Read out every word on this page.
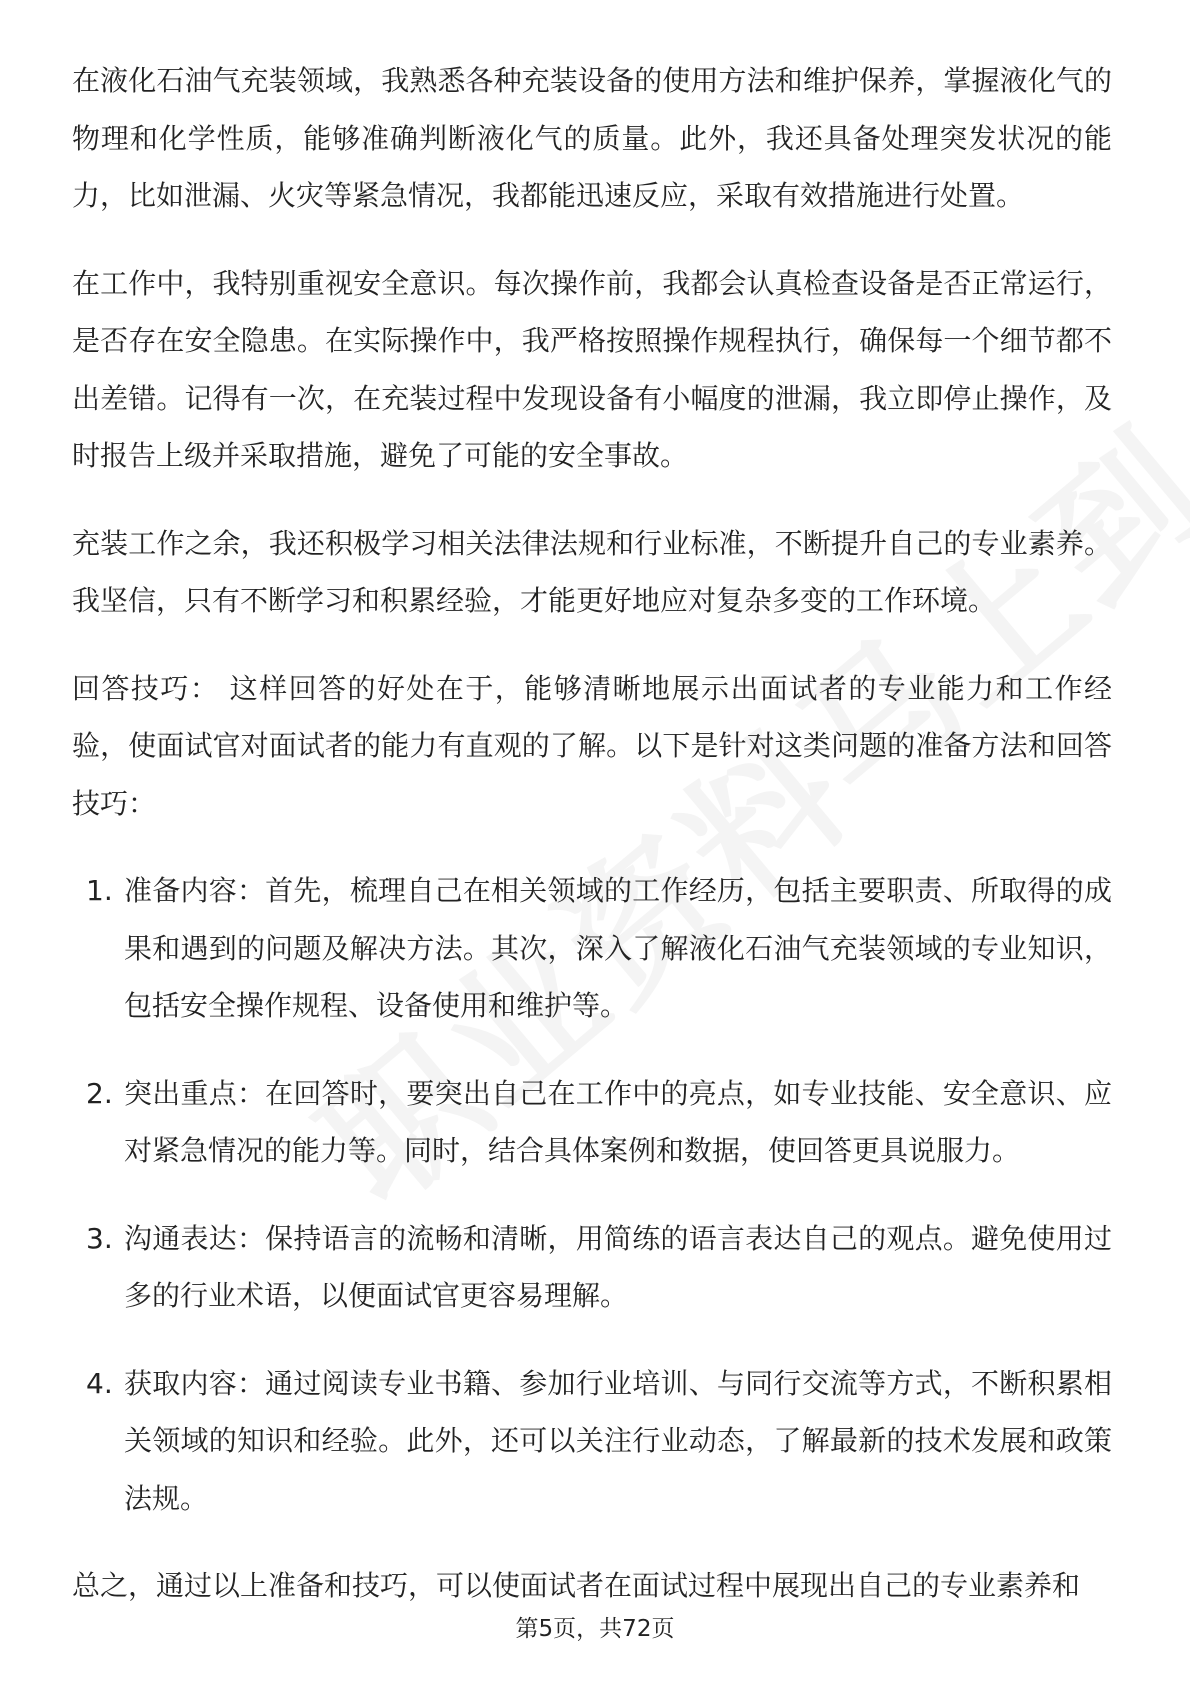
在液化石油气充装领域，我熟悉各种充装设备的使用方法和维护保养，掌握液化气的物理和化学性质，能够准确判断液化气的质量。此外，我还具备处理突发状况的能力，比如泄漏、火灾等紧急情况，我都能迅速反应，采取有效措施进行处置。

在工作中，我特别重视安全意识。每次操作前，我都会认真检查设备是否正常运行，是否存在安全隐患。在实际操作中，我严格按照操作规程执行，确保每一个细节都不出差错。记得有一次，在充装过程中发现设备有小幅度的泄漏，我立即停止操作，及时报告上级并采取措施，避免了可能的安全事故。

充装工作之余，我还积极学习相关法律法规和行业标准，不断提升自己的专业素养。我坚信，只有不断学习和积累经验，才能更好地应对复杂多变的工作环境。

回答技巧： 这样回答的好处在于，能够清晰地展示出面试者的专业能力和工作经验，使面试官对面试者的能力有直观的了解。以下是针对这类问题的准备方法和回答技巧：

1. 准备内容：首先，梳理自己在相关领域的工作经历，包括主要职责、所取得的成果和遇到的问题及解决方法。其次，深入了解液化石油气充装领域的专业知识，包括安全操作规程、设备使用和维护等。
2. 突出重点：在回答时，要突出自己在工作中的亮点，如专业技能、安全意识、应对紧急情况的能力等。同时，结合具体案例和数据，使回答更具说服力。
3. 沟通表达：保持语言的流畅和清晰，用简练的语言表达自己的观点。避免使用过多的行业术语，以便面试官更容易理解。
4. 获取内容：通过阅读专业书籍、参加行业培训、与同行交流等方式，不断积累相关领域的知识和经验。此外，还可以关注行业动态，了解最新的技术发展和政策法规。

总之，通过以上准备和技巧，可以使面试者在面试过程中展现出自己的专业素养和

第5页，共72页
